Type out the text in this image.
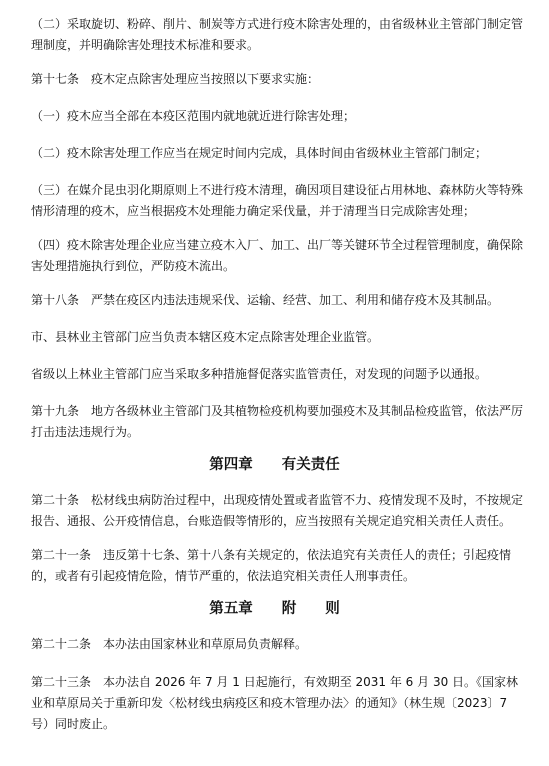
（二）采取旋切、粉碎、削片、制炭等方式进行疫木除害处理的，由省级林业主管部门制定管理制度，并明确除害处理技术标准和要求。

第十七条　疫木定点除害处理应当按照以下要求实施：

（一）疫木应当全部在本疫区范围内就地就近进行除害处理；

（二）疫木除害处理工作应当在规定时间内完成，具体时间由省级林业主管部门制定；

（三）在媒介昆虫羽化期原则上不进行疫木清理，确因项目建设征占用林地、森林防火等特殊情形清理的疫木，应当根据疫木处理能力确定采伐量，并于清理当日完成除害处理；

（四）疫木除害处理企业应当建立疫木入厂、加工、出厂等关键环节全过程管理制度，确保除害处理措施执行到位，严防疫木流出。

第十八条　严禁在疫区内违法违规采伐、运输、经营、加工、利用和储存疫木及其制品。

市、县林业主管部门应当负责本辖区疫木定点除害处理企业监管。

省级以上林业主管部门应当采取多种措施督促落实监管责任，对发现的问题予以通报。

第十九条　地方各级林业主管部门及其植物检疫机构要加强疫木及其制品检疫监管，依法严厉打击违法违规行为。

第四章　　有关责任

第二十条　松材线虫病防治过程中，出现疫情处置或者监管不力、疫情发现不及时，不按规定报告、通报、公开疫情信息，台账造假等情形的，应当按照有关规定追究相关责任人责任。

第二十一条　违反第十七条、第十八条有关规定的，依法追究有关责任人的责任；引起疫情的，或者有引起疫情危险，情节严重的，依法追究相关责任人刑事责任。

第五章　　附　　则

第二十二条　本办法由国家林业和草原局负责解释。

第二十三条　本办法自 2026 年 7 月 1 日起施行，有效期至 2031 年 6 月 30 日。《国家林业和草原局关于重新印发〈松材线虫病疫区和疫木管理办法〉的通知》（林生规〔2023〕7 号）同时废止。
